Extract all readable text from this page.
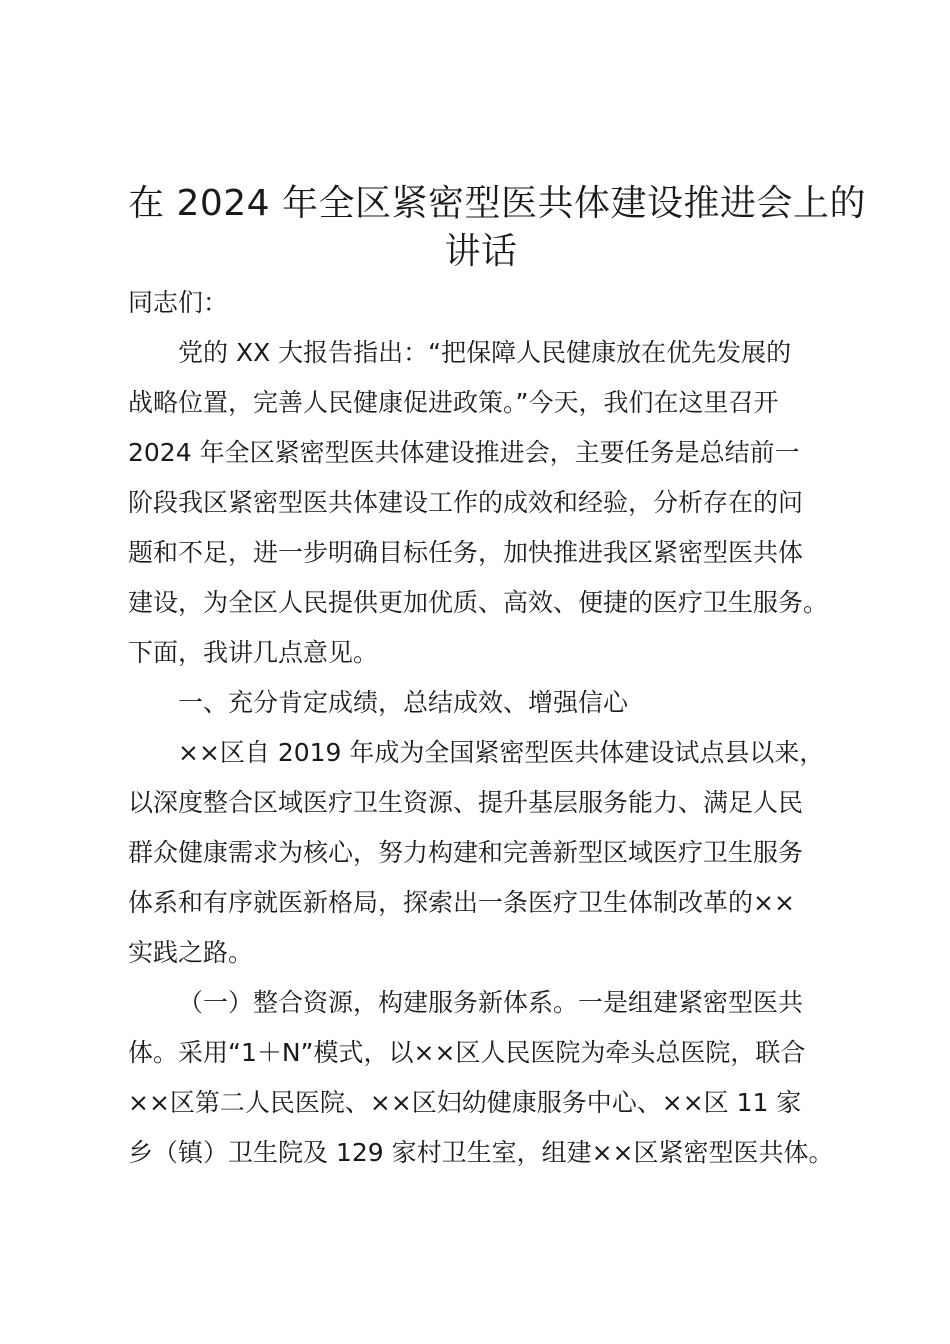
在 2024 年全区紧密型医共体建设推进会上的
讲话

同志们：

党的 XX 大报告指出：“把保障人民健康放在优先发展的
战略位置，完善人民健康促进政策。”今天，我们在这里召开
2024 年全区紧密型医共体建设推进会，主要任务是总结前一
阶段我区紧密型医共体建设工作的成效和经验，分析存在的问
题和不足，进一步明确目标任务，加快推进我区紧密型医共体
建设，为全区人民提供更加优质、高效、便捷的医疗卫生服务。
下面，我讲几点意见。

一、充分肯定成绩，总结成效、增强信心

××区自 2019 年成为全国紧密型医共体建设试点县以来，
以深度整合区域医疗卫生资源、提升基层服务能力、满足人民
群众健康需求为核心，努力构建和完善新型区域医疗卫生服务
体系和有序就医新格局，探索出一条医疗卫生体制改革的××
实践之路。

（一）整合资源，构建服务新体系。一是组建紧密型医共
体。采用“1＋N”模式，以××区人民医院为牵头总医院，联合
××区第二人民医院、××区妇幼健康服务中心、××区 11 家
乡（镇）卫生院及 129 家村卫生室，组建××区紧密型医共体。
